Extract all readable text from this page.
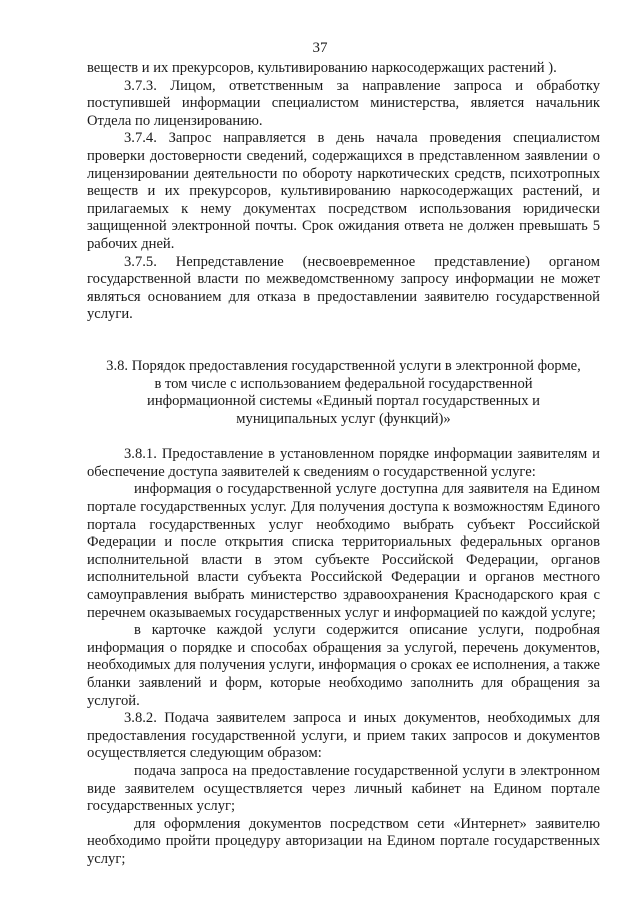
37

веществ и их прекурсоров, культивированию наркосодержащих растений ).

3.7.3. Лицом, ответственным за направление запроса и обработку поступившей информации специалистом министерства, является начальник Отдела по лицензированию.

3.7.4. Запрос направляется в день начала проведения специалистом проверки достоверности сведений, содержащихся в представленном заявлении о лицензировании деятельности по обороту наркотических средств, психотропных веществ и их прекурсоров, культивированию наркосодержащих растений, и прилагаемых к нему документах посредством использования юридически защищенной электронной почты. Срок ожидания ответа не должен превышать 5 рабочих дней.

3.7.5. Непредставление (несвоевременное представление) органом государственной власти по межведомственному запросу информации не может являться основанием для отказа в предоставлении заявителю государственной услуги.

3.8. Порядок предоставления государственной услуги в электронной форме, в том числе с использованием федеральной государственной информационной системы «Единый портал государственных и муниципальных услуг (функций)»

3.8.1. Предоставление в установленном порядке информации заявителям и обеспечение доступа заявителей к сведениям о государственной услуге:

информация о государственной услуге доступна для заявителя на Едином портале государственных услуг. Для получения доступа к возможностям Единого портала государственных услуг необходимо выбрать субъект Российской Федерации и после открытия списка территориальных федеральных органов исполнительной власти в этом субъекте Российской Федерации, органов исполнительной власти субъекта Российской Федерации и органов местного самоуправления выбрать министерство здравоохранения Краснодарского края с перечнем оказываемых государственных услуг и информацией по каждой услуге;

в карточке каждой услуги содержится описание услуги, подробная информация о порядке и способах обращения за услугой, перечень документов, необходимых для получения услуги, информация о сроках ее исполнения, а также бланки заявлений и форм, которые необходимо заполнить для обращения за услугой.

3.8.2. Подача заявителем запроса и иных документов, необходимых для предоставления государственной услуги, и прием таких запросов и документов осуществляется следующим образом:

подача запроса на предоставление государственной услуги в электронном виде заявителем осуществляется через личный кабинет на Едином портале государственных услуг;

для оформления документов посредством сети «Интернет» заявителю необходимо пройти процедуру авторизации на Едином портале государственных услуг;
